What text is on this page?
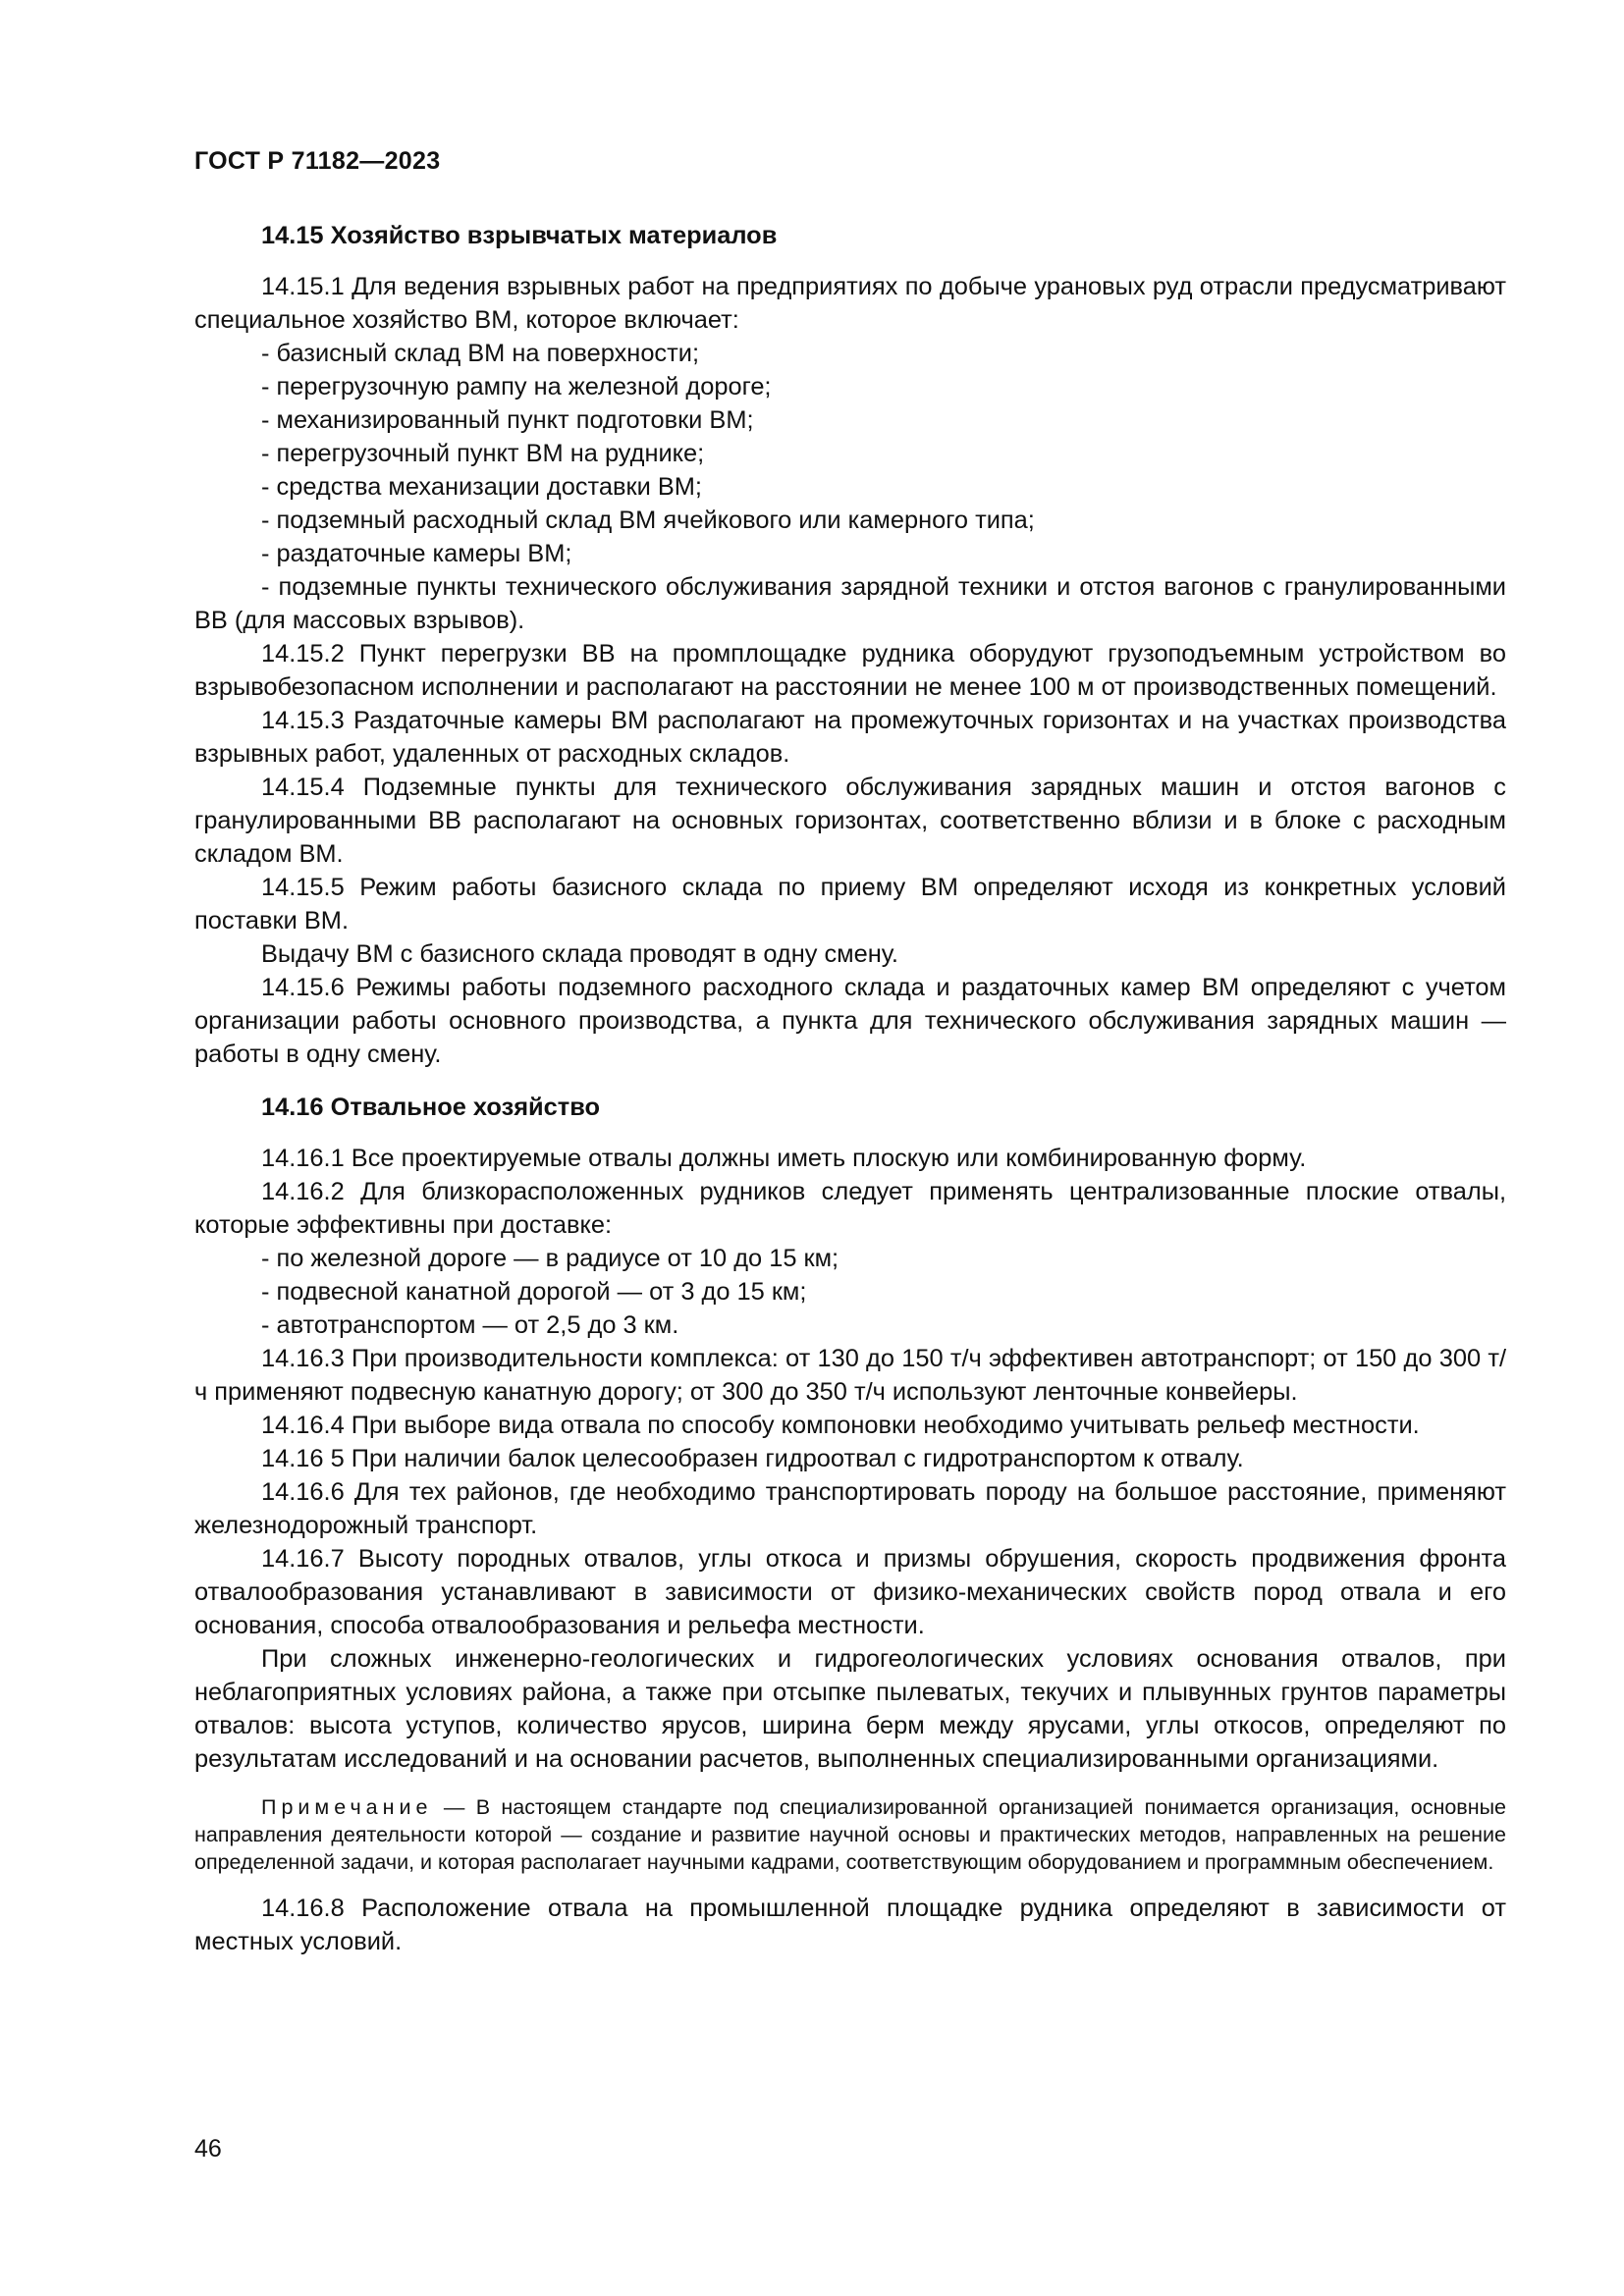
ГОСТ Р 71182—2023

14.15 Хозяйство взрывчатых материалов

14.15.1 Для ведения взрывных работ на предприятиях по добыче урановых руд отрасли предусматривают специальное хозяйство ВМ, которое включает:

- базисный склад ВМ на поверхности;

- перегрузочную рампу на железной дороге;

- механизированный пункт подготовки ВМ;

- перегрузочный пункт ВМ на руднике;

- средства механизации доставки ВМ;

- подземный расходный склад ВМ ячейкового или камерного типа;

- раздаточные камеры ВМ;

- подземные пункты технического обслуживания зарядной техники и отстоя вагонов с гранулированными ВВ (для массовых взрывов).

14.15.2 Пункт перегрузки ВВ на промплощадке рудника оборудуют грузоподъемным устройством во взрывобезопасном исполнении и располагают на расстоянии не менее 100 м от производственных помещений.

14.15.3 Раздаточные камеры ВМ располагают на промежуточных горизонтах и на участках производства взрывных работ, удаленных от расходных складов.

14.15.4 Подземные пункты для технического обслуживания зарядных машин и отстоя вагонов с гранулированными ВВ располагают на основных горизонтах, соответственно вблизи и в блоке с расходным складом ВМ.

14.15.5 Режим работы базисного склада по приему ВМ определяют исходя из конкретных условий поставки ВМ.

Выдачу ВМ с базисного склада проводят в одну смену.

14.15.6 Режимы работы подземного расходного склада и раздаточных камер ВМ определяют с учетом организации работы основного производства, а пункта для технического обслуживания зарядных машин — работы в одну смену.

14.16 Отвальное хозяйство

14.16.1 Все проектируемые отвалы должны иметь плоскую или комбинированную форму.

14.16.2 Для близкорасположенных рудников следует применять централизованные плоские отвалы, которые эффективны при доставке:

- по железной дороге — в радиусе от 10 до 15 км;

- подвесной канатной дорогой — от 3 до 15 км;

- автотранспортом — от 2,5 до 3 км.

14.16.3 При производительности комплекса: от 130 до 150 т/ч эффективен автотранспорт; от 150 до 300 т/ч применяют подвесную канатную дорогу; от 300 до 350 т/ч используют ленточные конвейеры.

14.16.4 При выборе вида отвала по способу компоновки необходимо учитывать рельеф местности.

14.16 5 При наличии балок целесообразен гидроотвал с гидротранспортом к отвалу.

14.16.6 Для тех районов, где необходимо транспортировать породу на большое расстояние, применяют железнодорожный транспорт.

14.16.7 Высоту породных отвалов, углы откоса и призмы обрушения, скорость продвижения фронта отвалообразования устанавливают в зависимости от физико-механических свойств пород отвала и его основания, способа отвалообразования и рельефа местности.

При сложных инженерно-геологических и гидрогеологических условиях основания отвалов, при неблагоприятных условиях района, а также при отсыпке пылеватых, текучих и плывунных грунтов параметры отвалов: высота уступов, количество ярусов, ширина берм между ярусами, углы откосов, определяют по результатам исследований и на основании расчетов, выполненных специализированными организациями.

Примечание — В настоящем стандарте под специализированной организацией понимается организация, основные направления деятельности которой — создание и развитие научной основы и практических методов, направленных на решение определенной задачи, и которая располагает научными кадрами, соответствующим оборудованием и программным обеспечением.

14.16.8 Расположение отвала на промышленной площадке рудника определяют в зависимости от местных условий.

46
